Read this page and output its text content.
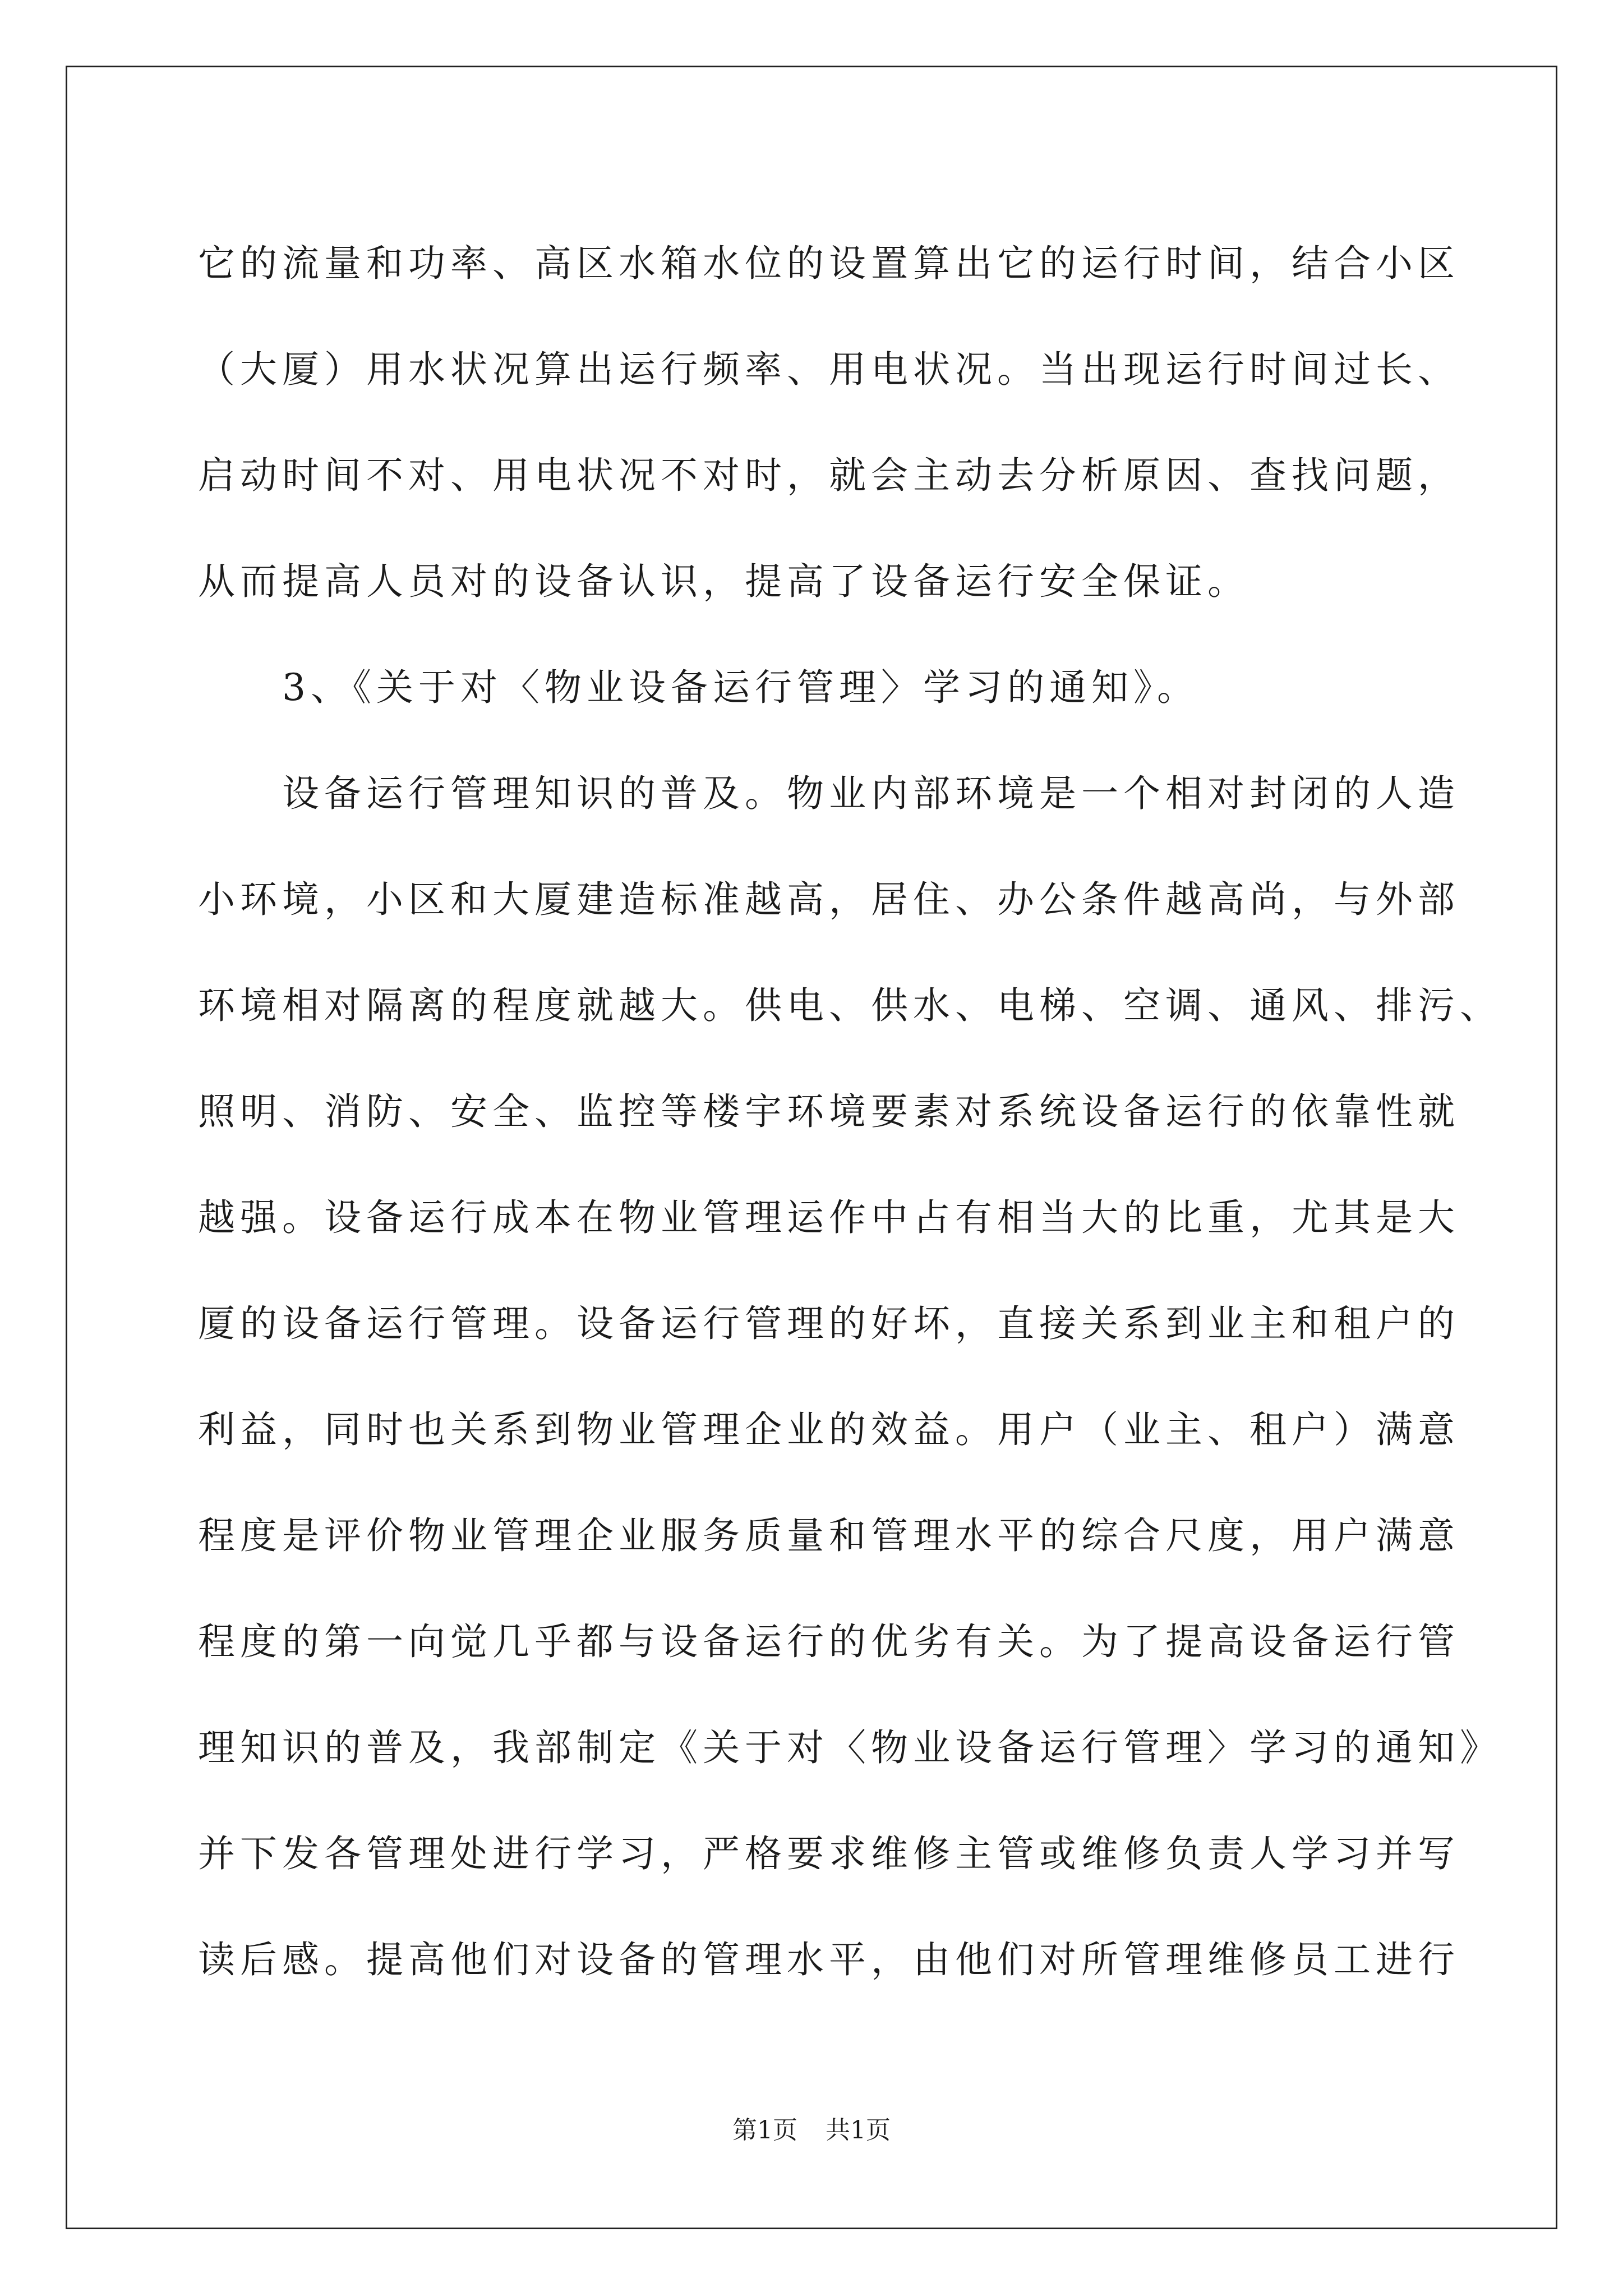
它的流量和功率、高区水箱水位的设置算出它的运行时间，结合小区
（大厦）用水状况算出运行频率、用电状况。当出现运行时间过长、
启动时间不对、用电状况不对时，就会主动去分析原因、查找问题，
从而提高人员对的设备认识，提高了设备运行安全保证。
3、《关于对〈物业设备运行管理〉学习的通知》。
设备运行管理知识的普及。物业内部环境是一个相对封闭的人造
小环境，小区和大厦建造标准越高，居住、办公条件越高尚，与外部
环境相对隔离的程度就越大。供电、供水、电梯、空调、通风、排污、
照明、消防、安全、监控等楼宇环境要素对系统设备运行的依靠性就
越强。设备运行成本在物业管理运作中占有相当大的比重，尤其是大
厦的设备运行管理。设备运行管理的好坏，直接关系到业主和租户的
利益，同时也关系到物业管理企业的效益。用户（业主、租户）满意
程度是评价物业管理企业服务质量和管理水平的综合尺度，用户满意
程度的第一向觉几乎都与设备运行的优劣有关。为了提高设备运行管
理知识的普及，我部制定《关于对〈物业设备运行管理〉学习的通知》
并下发各管理处进行学习，严格要求维修主管或维修负责人学习并写
读后感。提高他们对设备的管理水平，由他们对所管理维修员工进行
第1页 共1页
